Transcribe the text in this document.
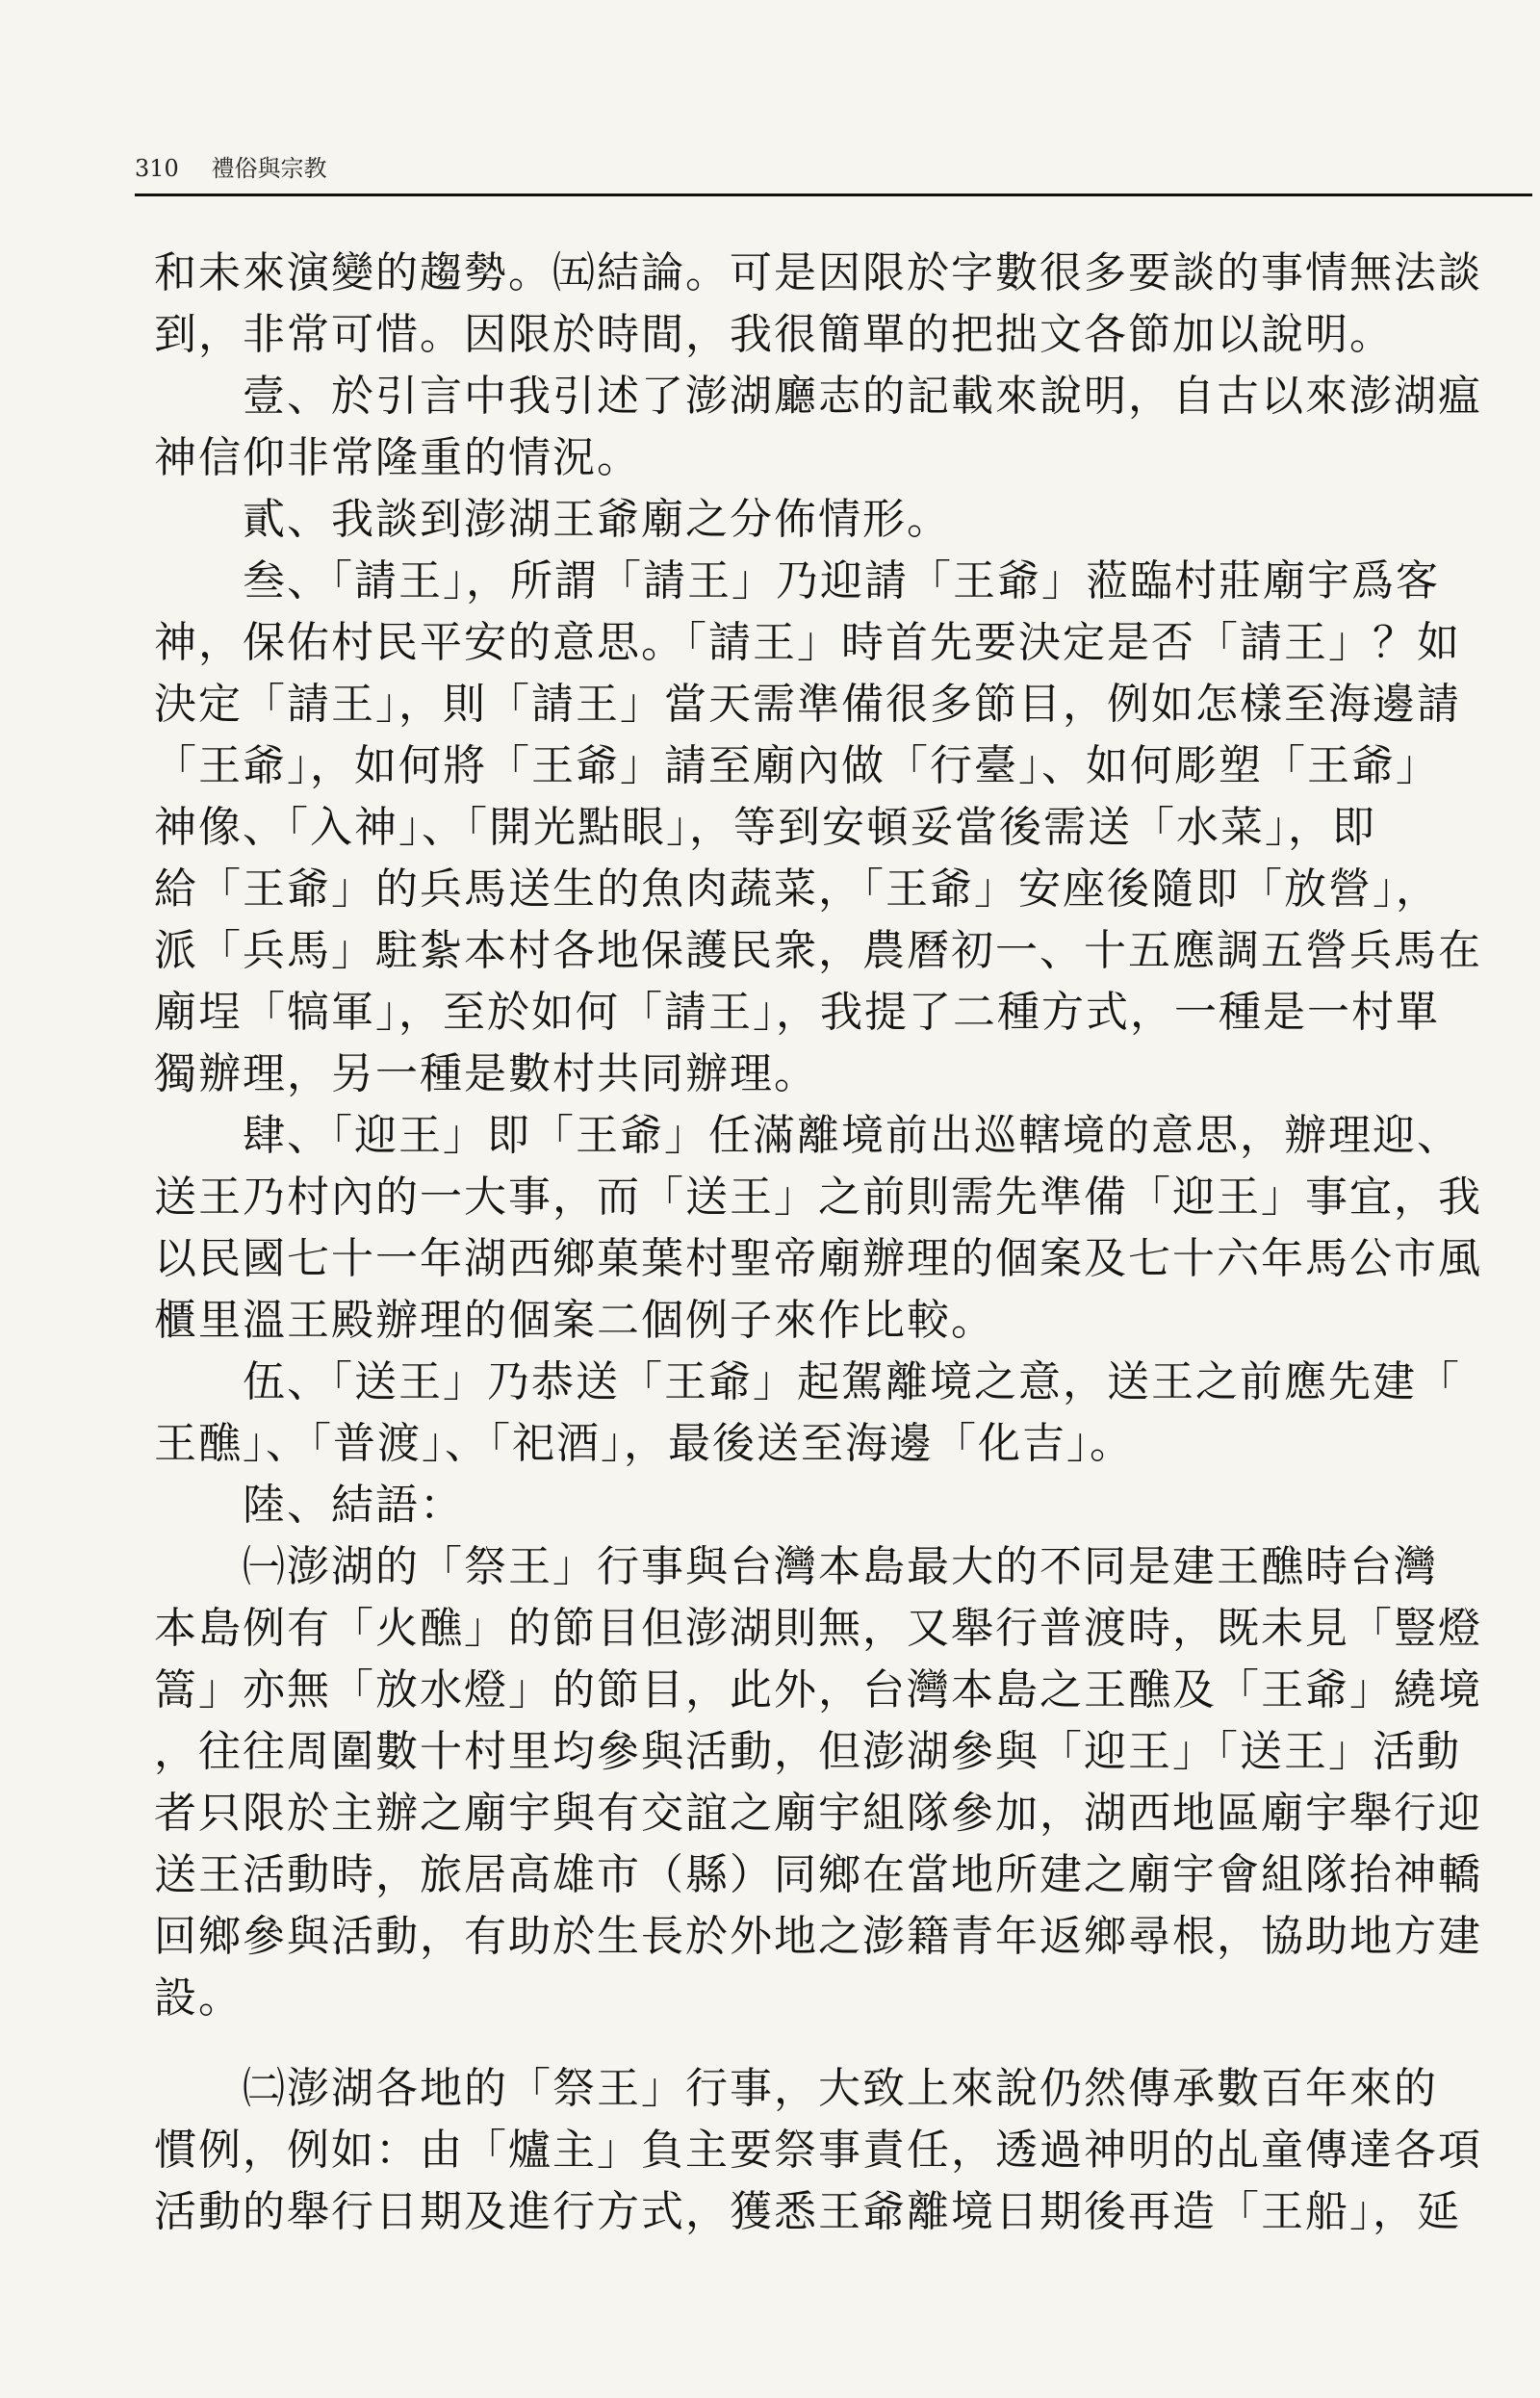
310 禮俗與宗教
和未來演變的趨勢。㈤結論。可是因限於字數很多要談的事情無法談
到，非常可惜。因限於時間，我很簡單的把拙文各節加以說明。
壹、於引言中我引述了澎湖廳志的記載來說明，自古以來澎湖瘟
神信仰非常隆重的情況。
貳、我談到澎湖王爺廟之分佈情形。
叁、「請王」，所謂「請王」乃迎請「王爺」蒞臨村莊廟宇爲客
神，保佑村民平安的意思。「請王」時首先要決定是否「請王」？如
決定「請王」，則「請王」當天需準備很多節目，例如怎樣至海邊請
「王爺」，如何將「王爺」請至廟內做「行臺」、如何彫塑「王爺」
神像、「入神」、「開光點眼」，等到安頓妥當後需送「水菜」，即
給「王爺」的兵馬送生的魚肉蔬菜，「王爺」安座後隨即「放營」，
派「兵馬」駐紮本村各地保護民衆，農曆初一、十五應調五營兵馬在
廟埕「犒軍」，至於如何「請王」，我提了二種方式，一種是一村單
獨辦理，另一種是數村共同辦理。
肆、「迎王」即「王爺」任滿離境前出巡轄境的意思，辦理迎、
送王乃村內的一大事，而「送王」之前則需先準備「迎王」事宜，我
以民國七十一年湖西鄉菓葉村聖帝廟辦理的個案及七十六年馬公市風
櫃里溫王殿辦理的個案二個例子來作比較。
伍、「送王」乃恭送「王爺」起駕離境之意，送王之前應先建「
王醮」、「普渡」、「祀酒」，最後送至海邊「化吉」。
陸、結語：
㈠澎湖的「祭王」行事與台灣本島最大的不同是建王醮時台灣
本島例有「火醮」的節目但澎湖則無，又舉行普渡時，既未見「豎燈
篙」亦無「放水燈」的節目，此外，台灣本島之王醮及「王爺」繞境
，往往周圍數十村里均參與活動，但澎湖參與「迎王」「送王」活動
者只限於主辦之廟宇與有交誼之廟宇組隊參加，湖西地區廟宇舉行迎
送王活動時，旅居高雄市（縣）同鄉在當地所建之廟宇會組隊抬神轎
回鄉參與活動，有助於生長於外地之澎籍青年返鄉尋根，協助地方建
設。
㈡澎湖各地的「祭王」行事，大致上來說仍然傳承數百年來的
慣例，例如：由「爐主」負主要祭事責任，透過神明的乩童傳達各項
活動的舉行日期及進行方式，獲悉王爺離境日期後再造「王船」，延
